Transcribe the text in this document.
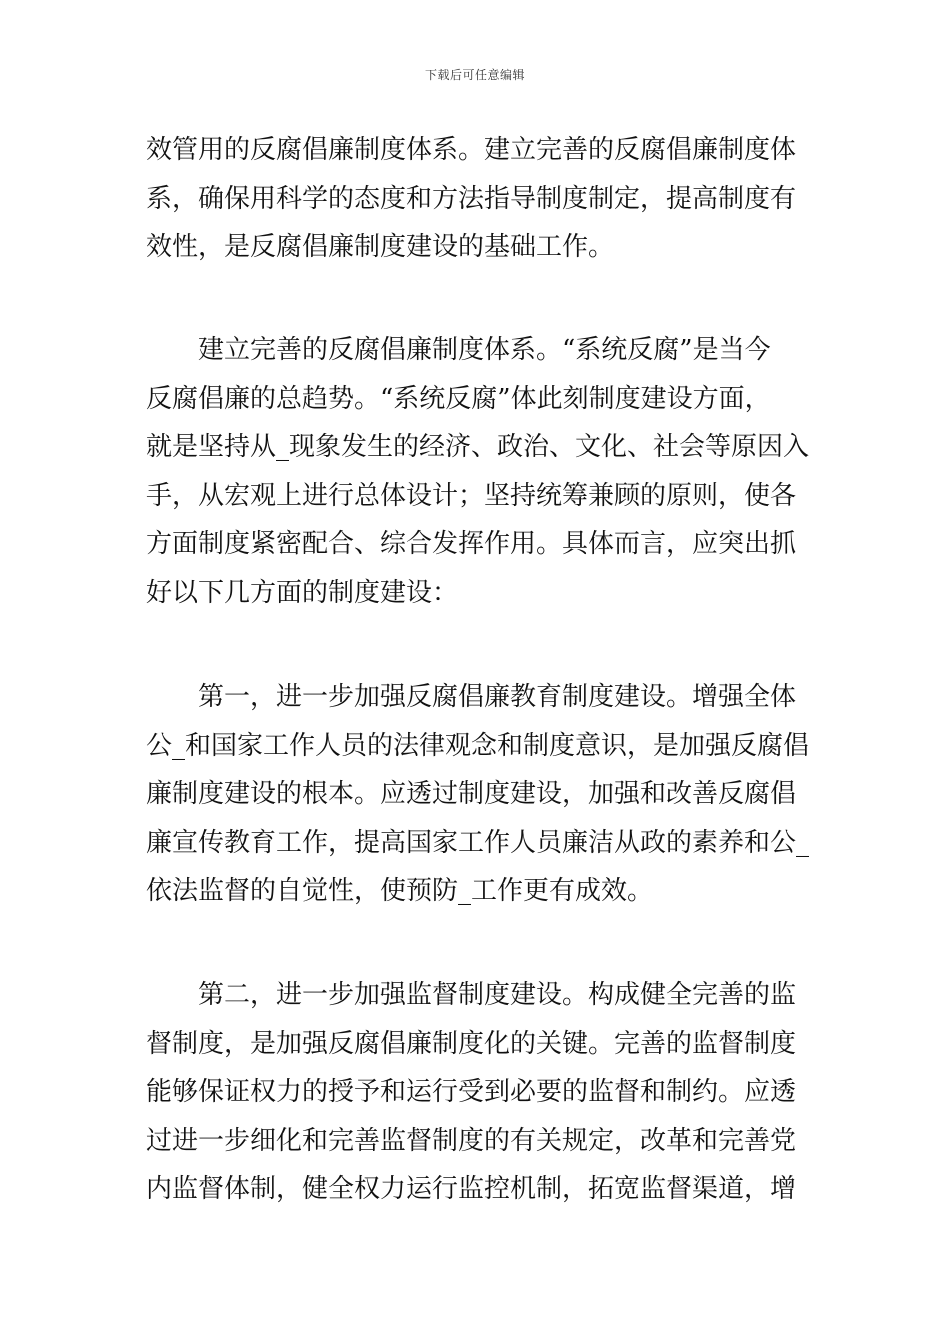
下载后可任意编辑

效管用的反腐倡廉制度体系。建立完善的反腐倡廉制度体
系，确保用科学的态度和方法指导制度制定，提高制度有
效性，是反腐倡廉制度建设的基础工作。

　　建立完善的反腐倡廉制度体系。“系统反腐”是当今
反腐倡廉的总趋势。“系统反腐”体此刻制度建设方面，
就是坚持从_现象发生的经济、政治、文化、社会等原因入
手，从宏观上进行总体设计；坚持统筹兼顾的原则，使各
方面制度紧密配合、综合发挥作用。具体而言，应突出抓
好以下几方面的制度建设：

　　第一，进一步加强反腐倡廉教育制度建设。增强全体
公_和国家工作人员的法律观念和制度意识，是加强反腐倡
廉制度建设的根本。应透过制度建设，加强和改善反腐倡
廉宣传教育工作，提高国家工作人员廉洁从政的素养和公_
依法监督的自觉性，使预防_工作更有成效。

　　第二，进一步加强监督制度建设。构成健全完善的监
督制度，是加强反腐倡廉制度化的关键。完善的监督制度
能够保证权力的授予和运行受到必要的监督和制约。应透
过进一步细化和完善监督制度的有关规定，改革和完善党
内监督体制，健全权力运行监控机制，拓宽监督渠道，增
